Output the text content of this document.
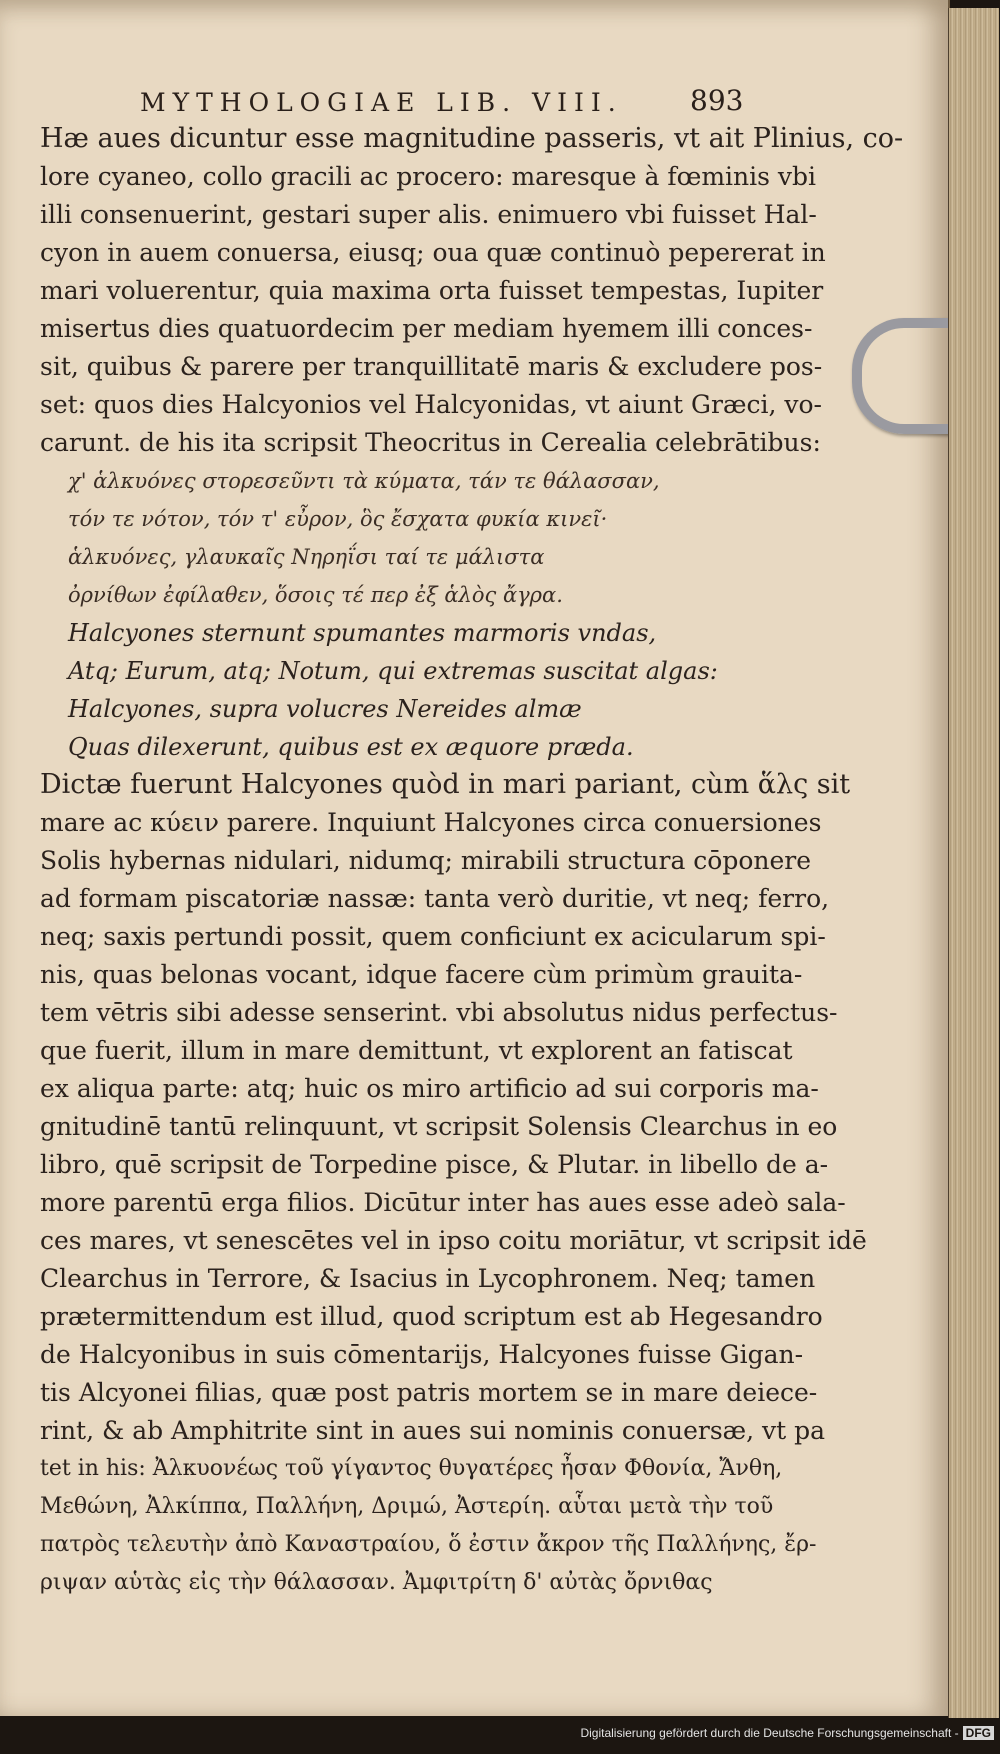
MYTHOLOGIAE LIB. VIII.	893
Hæ aues dicuntur esse magnitudine passeris, vt ait Plinius, co-
lore cyaneo, collo gracili ac procero: maresque à fœminis vbi
illi consenuerint, gestari super alis. enimuero vbi fuisset Hal-
cyon in auem conuersa, eiusq; oua quæ continuò pepererat in
mari voluerentur, quia maxima orta fuisset tempestas, Iupiter
misertus dies quatuordecim per mediam hyemem illi conces-
sit, quibus & parere per tranquillitatē maris & excludere pos-
set: quos dies Halcyonios vel Halcyonidas, vt aiunt Græci, vo-
carunt. de his ita scripsit Theocritus in Cerealia celebrātibus:
χ' ἁλκυόνες στορεσεῦντι τὰ κύματα, τάν τε θάλασσαν,
τόν τε νότον, τόν τ' εὖρον, ὃς ἔσχατα φυκία κινεῖ·
ἁλκυόνες, γλαυκαῖς Νηρηΐσι ταί τε μάλιστα
ὀρνίθων ἐφίλαθεν, ὅσοις τέ περ ἐξ ἁλὸς ἄγρα.
Halcyones sternunt spumantes marmoris vndas,
Atq; Eurum, atq; Notum, qui extremas suscitat algas:
Halcyones, supra volucres Nereides almæ
Quas dilexerunt, quibus est ex æquore præda.
Dictæ fuerunt Halcyones quòd in mari pariant, cùm ἅλς sit
mare ac κύειν parere. Inquiunt Halcyones circa conuersiones
Solis hybernas nidulari, nidumq; mirabili structura cōponere
ad formam piscatoriæ nassæ: tanta verò duritie, vt neq; ferro,
neq; saxis pertundi possit, quem conficiunt ex acicularum spi-
nis, quas belonas vocant, idque facere cùm primùm grauita-
tem vētris sibi adesse senserint. vbi absolutus nidus perfectus-
que fuerit, illum in mare demittunt, vt explorent an fatiscat
ex aliqua parte: atq; huic os miro artificio ad sui corporis ma-
gnitudinē tantū relinquunt, vt scripsit Solensis Clearchus in eo
libro, quē scripsit de Torpedine pisce, & Plutar. in libello de a-
more parentū erga filios. Dicūtur inter has aues esse adeò sala-
ces mares, vt senescētes vel in ipso coitu moriātur, vt scripsit idē
Clearchus in Terrore, & Isacius in Lycophronem. Neq; tamen
prætermittendum est illud, quod scriptum est ab Hegesandro
de Halcyonibus in suis cōmentarijs, Halcyones fuisse Gigan-
tis Alcyonei filias, quæ post patris mortem se in mare deiece-
rint, & ab Amphitrite sint in aues sui nominis conuersæ, vt pa
tet in his: Ἀλκυονέως τοῦ γίγαντος θυγατέρες ἦσαν Φθονία, Ἄνθη,
Μεθώνη, Ἀλκίππα, Παλλήνη, Δριμώ, Ἀστερίη. αὗται μετὰ τὴν τοῦ
πατρὸς τελευτὴν ἀπὸ Καναστραίου, ὅ ἐστιν ἄκρον τῆς Παλλήνης, ἔρ-
ριψαν αὑτὰς εἰς τὴν θάλασσαν. Ἀμφιτρίτη δ' αὐτὰς ὄρνιθας
Digitalisierung gefördert durch die Deutsche Forschungsgemeinschaft - DFG
